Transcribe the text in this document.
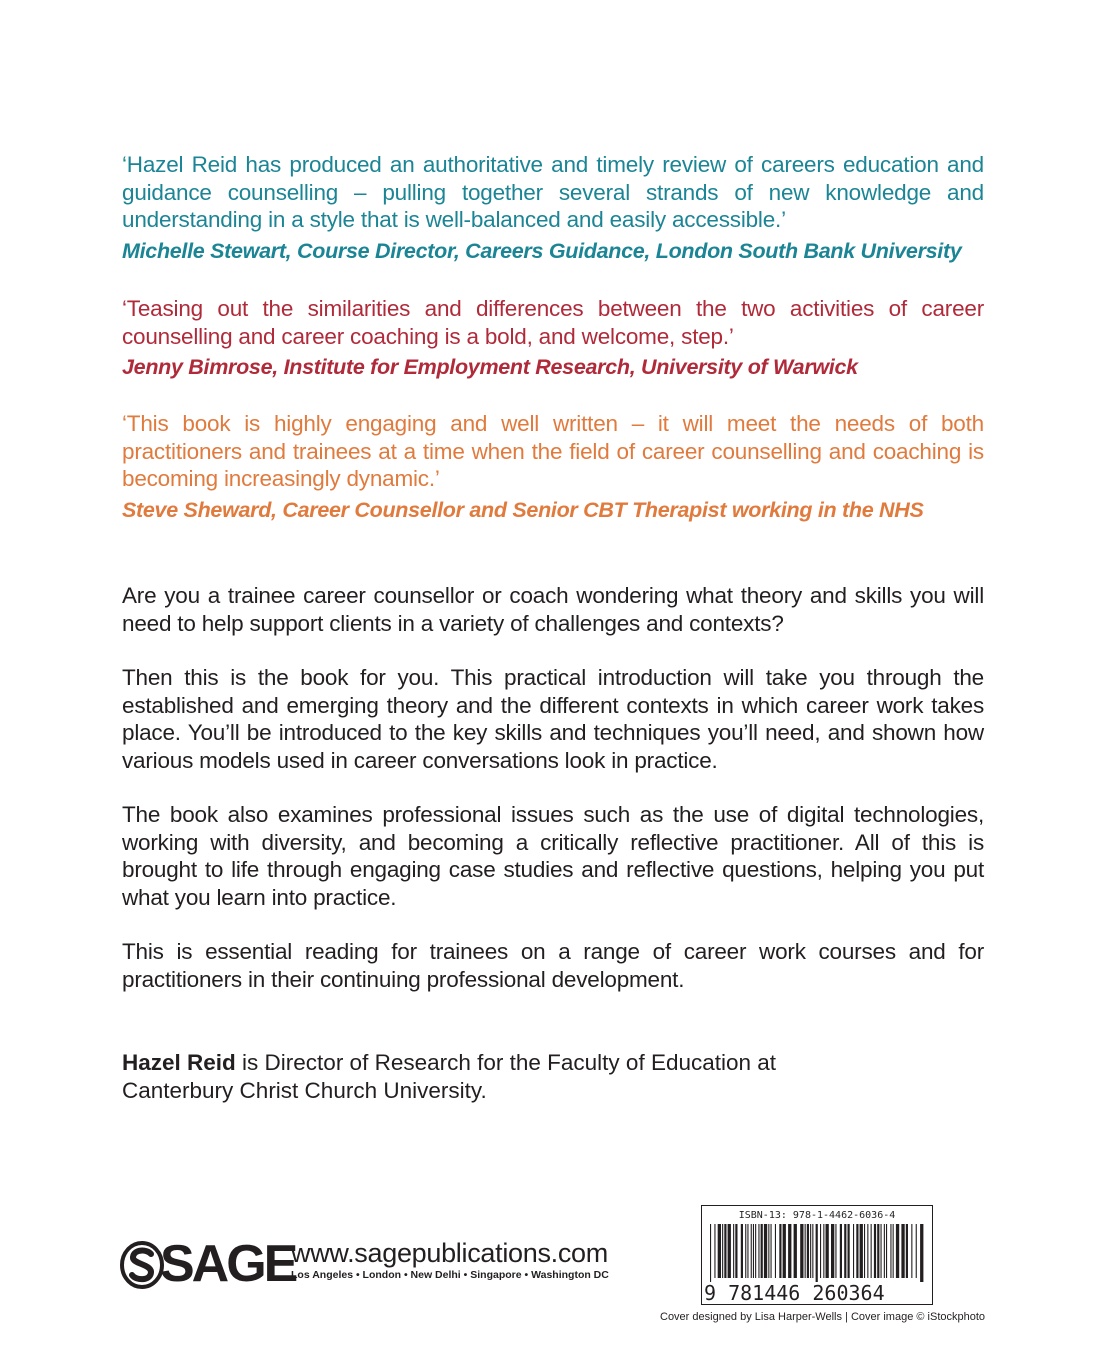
‘Hazel Reid has produced an authoritative and timely review of careers education and guidance counselling – pulling together several strands of new knowledge and understanding in a style that is well-balanced and easily accessible.’

Michelle Stewart, Course Director, Careers Guidance, London South Bank University

‘Teasing out the similarities and differences between the two activities of career counselling and career coaching is a bold, and welcome, step.’

Jenny Bimrose, Institute for Employment Research, University of Warwick

‘This book is highly engaging and well written – it will meet the needs of both practitioners and trainees at a time when the field of career counselling and coaching is becoming increasingly dynamic.’

Steve Sheward, Career Counsellor and Senior CBT Therapist working in the NHS

Are you a trainee career counsellor or coach wondering what theory and skills you will need to help support clients in a variety of challenges and contexts?

Then this is the book for you. This practical introduction will take you through the established and emerging theory and the different contexts in which career work takes place. You’ll be introduced to the key skills and techniques you’ll need, and shown how various models used in career conversations look in practice.

The book also examines professional issues such as the use of digital technologies, working with diversity, and becoming a critically reflective practitioner. All of this is brought to life through engaging case studies and reflective questions, helping you put what you learn into practice.

This is essential reading for trainees on a range of career work courses and for practitioners in their continuing professional development.

Hazel Reid is Director of Research for the Faculty of Education at Canterbury Christ Church University.

SAGE
www.sagepublications.com
Los Angeles • London • New Delhi • Singapore • Washington DC
ISBN-13: 978-1-4462-6036-4
9 781446 260364
Cover designed by Lisa Harper-Wells | Cover image © iStockphoto
